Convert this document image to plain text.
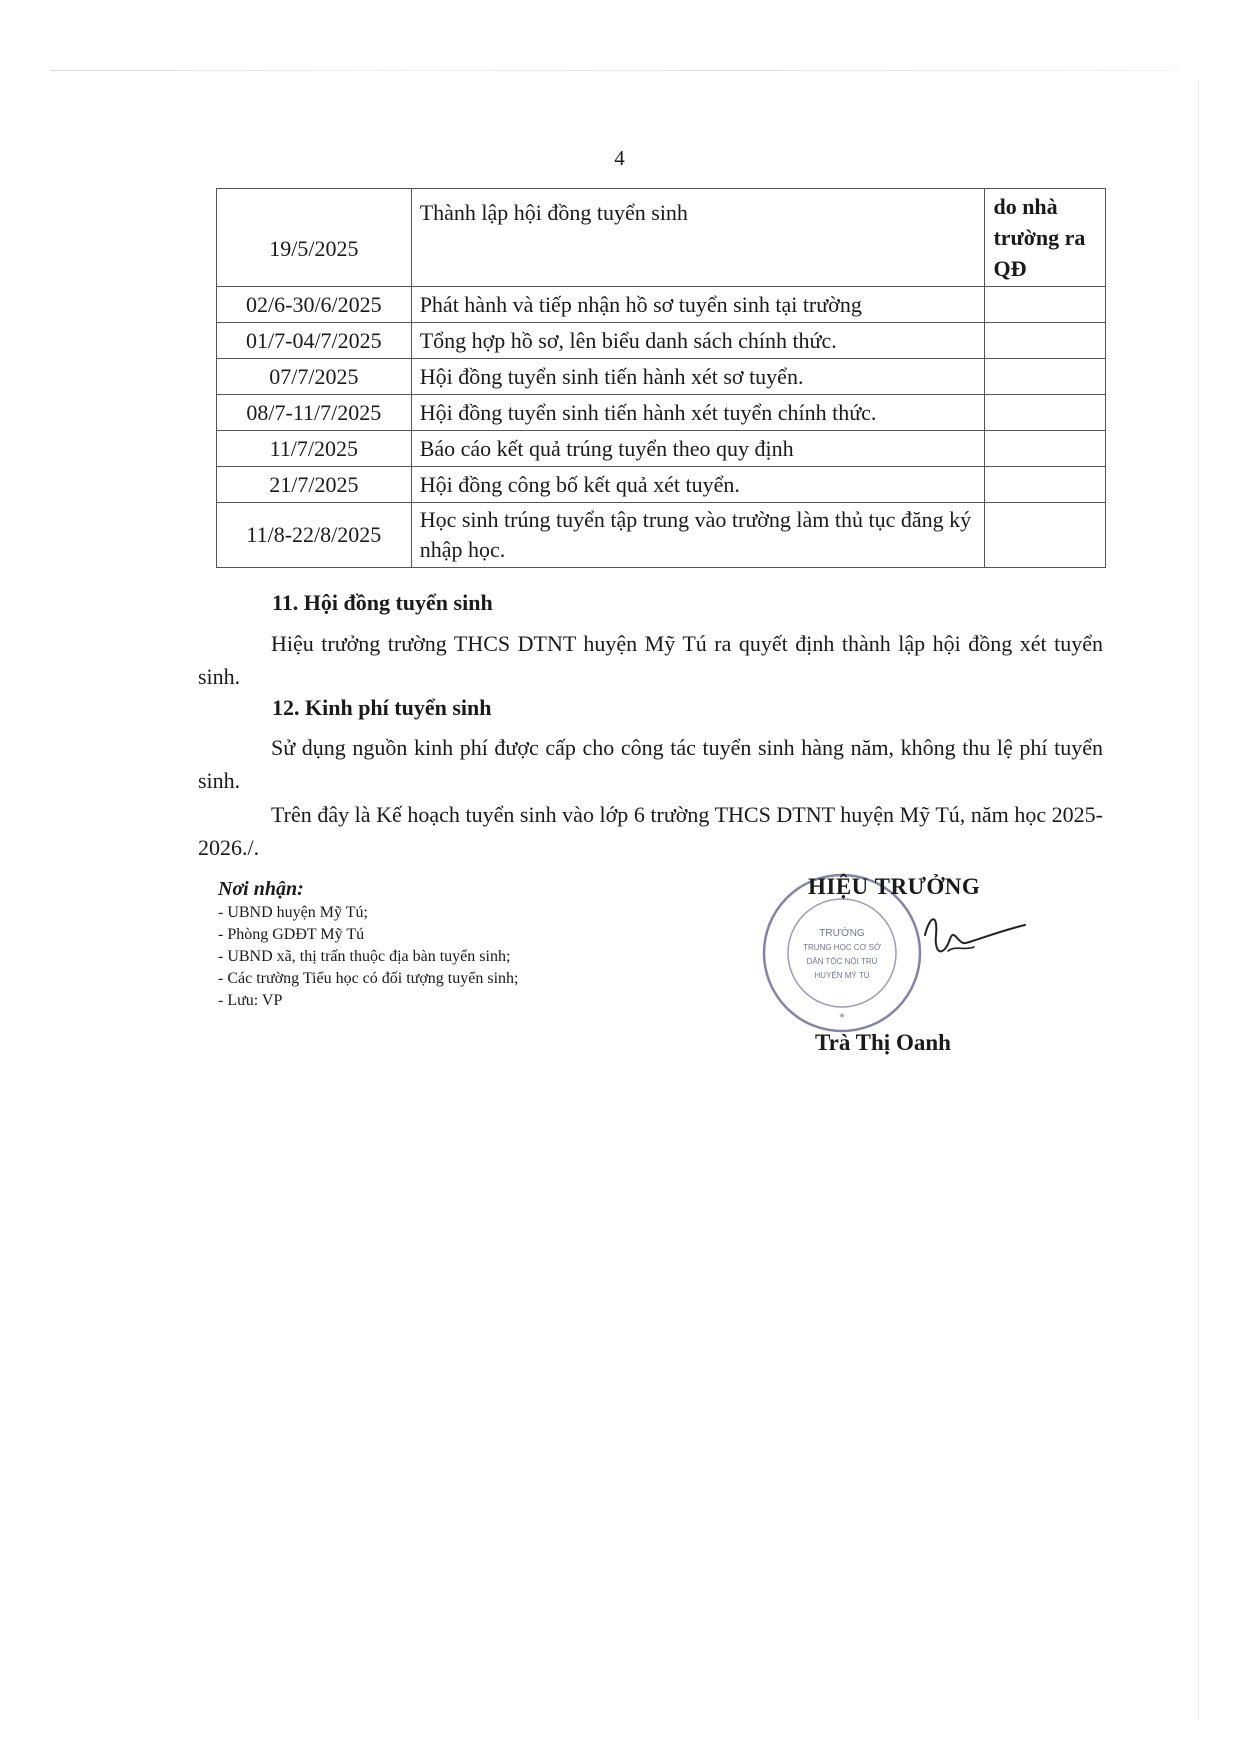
4
19/5/2025	Thành lập hội đồng tuyển sinh	do nhà trường ra QĐ
02/6-30/6/2025	Phát hành và tiếp nhận hồ sơ tuyển sinh tại trường	
01/7-04/7/2025	Tổng hợp hồ sơ, lên biểu danh sách chính thức.	
07/7/2025	Hội đồng tuyển sinh tiến hành xét sơ tuyển.	
08/7-11/7/2025	Hội đồng tuyển sinh tiến hành xét tuyển chính thức.	
11/7/2025	Báo cáo kết quả trúng tuyển theo quy định	
21/7/2025	Hội đồng công bố kết quả xét tuyển.	
11/8-22/8/2025	Học sinh trúng tuyển tập trung vào trường làm thủ tục đăng ký nhập học.	
11. Hội đồng tuyển sinh
Hiệu trưởng trường THCS DTNT huyện Mỹ Tú ra quyết định thành lập hội đồng xét tuyển sinh.
12. Kinh phí tuyển sinh
Sử dụng nguồn kinh phí được cấp cho công tác tuyển sinh hàng năm, không thu lệ phí tuyển sinh.
Trên đây là Kế hoạch tuyển sinh vào lớp 6 trường THCS DTNT huyện Mỹ Tú, năm học 2025-2026./.
Nơi nhận:
- UBND huyện Mỹ Tú;
- Phòng GDĐT Mỹ Tú
- UBND xã, thị trấn thuộc địa bàn tuyển sinh;
- Các trường Tiểu học có đối tượng tuyển sinh;
- Lưu: VP
TRƯỜNG
TRUNG HỌC CƠ SỞ
DÂN TỘC NỘI TRÚ
HUYỆN MỸ TÚ
★
HIỆU TRƯỞNG
Trà Thị Oanh
